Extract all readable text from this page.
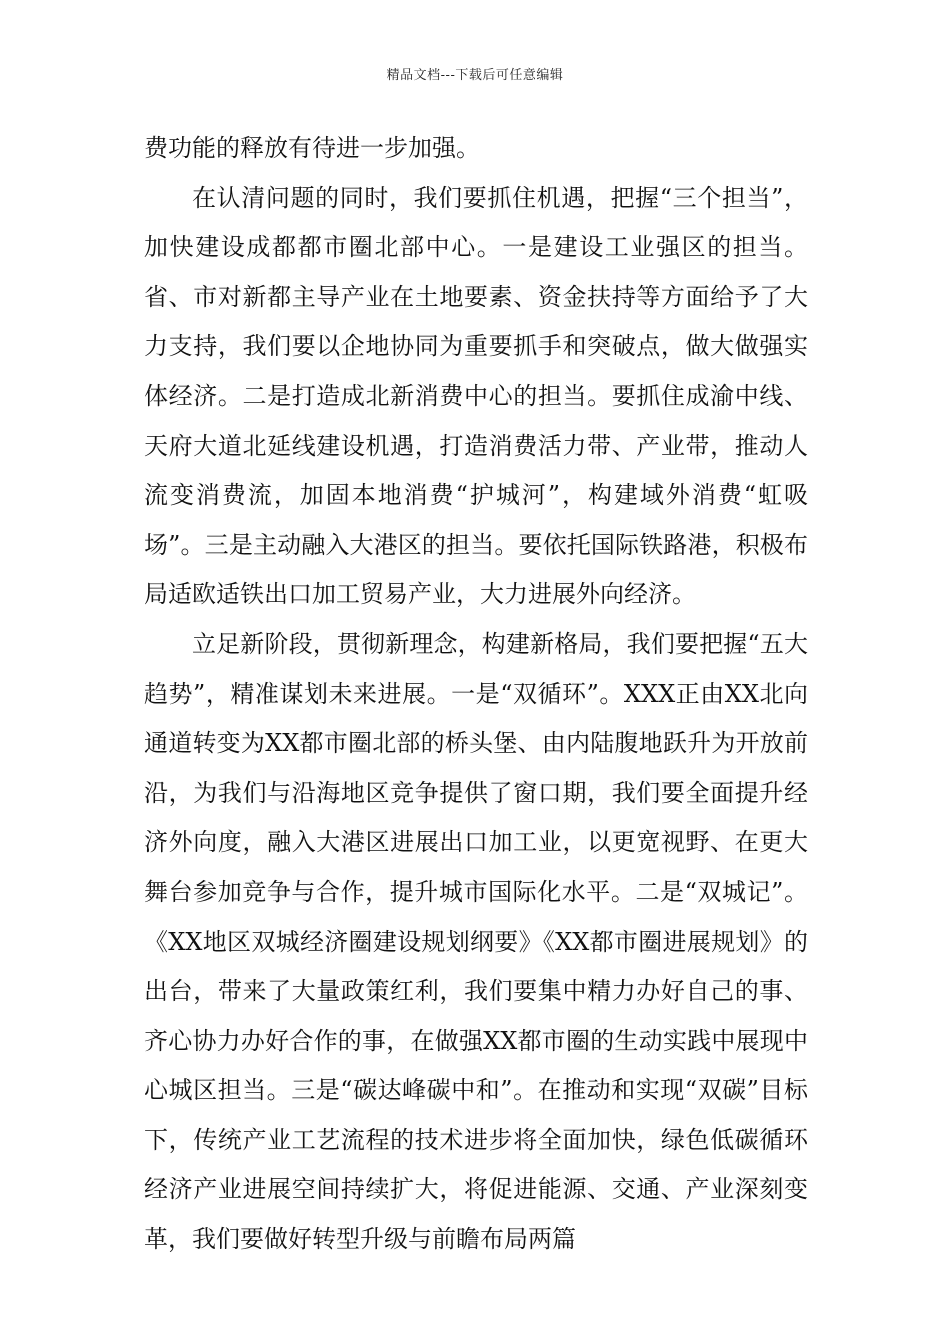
精品文档---下载后可任意编辑

费功能的释放有待进一步加强。

在认清问题的同时，我们要抓住机遇，把握“三个担当”，加快建设成都都市圈北部中心。一是建设工业强区的担当。省、市对新都主导产业在土地要素、资金扶持等方面给予了大力支持，我们要以企地协同为重要抓手和突破点，做大做强实体经济。二是打造成北新消费中心的担当。要抓住成渝中线、天府大道北延线建设机遇，打造消费活力带、产业带，推动人流变消费流，加固本地消费“护城河”，构建域外消费“虹吸场”。三是主动融入大港区的担当。要依托国际铁路港，积极布局适欧适铁出口加工贸易产业，大力进展外向经济。

立足新阶段，贯彻新理念，构建新格局，我们要把握“五大趋势”，精准谋划未来进展。一是“双循环”。XXX正由XX北向通道转变为XX都市圈北部的桥头堡、由内陆腹地跃升为开放前沿，为我们与沿海地区竞争提供了窗口期，我们要全面提升经济外向度，融入大港区进展出口加工业，以更宽视野、在更大舞台参加竞争与合作，提升城市国际化水平。二是“双城记”。《XX地区双城经济圈建设规划纲要》《XX都市圈进展规划》的出台，带来了大量政策红利，我们要集中精力办好自己的事、齐心协力办好合作的事，在做强XX都市圈的生动实践中展现中心城区担当。三是“碳达峰碳中和”。在推动和实现“双碳”目标下，传统产业工艺流程的技术进步将全面加快，绿色低碳循环经济产业进展空间持续扩大，将促进能源、交通、产业深刻变革，我们要做好转型升级与前瞻布局两篇
